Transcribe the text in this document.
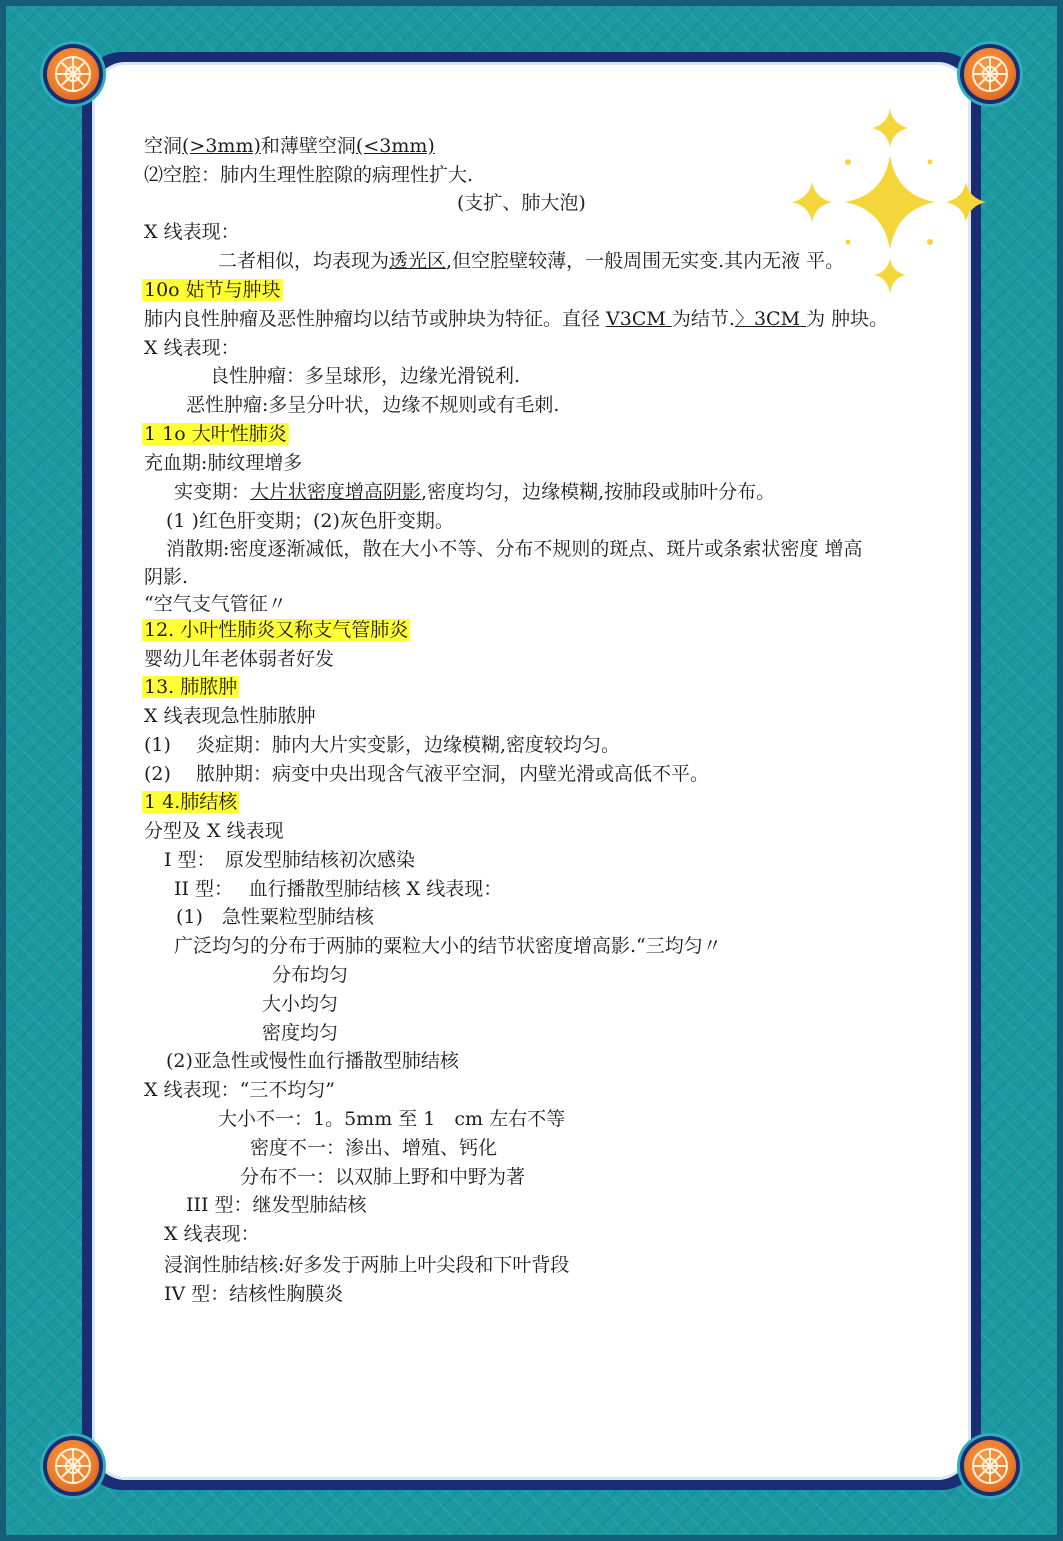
空洞(>3mm)和薄壁空洞(<3mm)
⑵空腔：肺内生理性腔隙的病理性扩大.
(支扩、肺大泡)
X 线表现：
二者相似，均表现为透光区,但空腔壁较薄，一般周围无实变.其内无液 平。
10o 姑节与肿块
肺内良性肿瘤及恶性肿瘤均以结节或肿块为特征。直径 V3CM 为结节.〉3CM 为 肿块。
X 线表现：
良性肿瘤：多呈球形，边缘光滑锐利.
恶性肿瘤:多呈分叶状，边缘不规则或有毛刺.
1 1o 大叶性肺炎
充血期:肺纹理增多
实变期：大片状密度增高阴影,密度均匀，边缘模糊,按肺段或肺叶分布。
(1 )红色肝变期；(2)灰色肝变期。
消散期:密度逐渐减低，散在大小不等、分布不规则的斑点、斑片或条索状密度 增高
阴影.
“空气支气管征〃
12. 小叶性肺炎又称支气管肺炎
婴幼儿年老体弱者好发
13. 肺脓肿
X 线表现急性肺脓肿
(1)　 炎症期：肺内大片实变影，边缘模糊,密度较均匀。
(2)　 脓肿期：病变中央出现含气液平空洞，内壁光滑或高低不平。
1 4.肺结核
分型及 X 线表现
I 型：　原发型肺结核初次感染
II 型：　 血行播散型肺结核 X 线表现：
(1)　急性粟粒型肺结核
广泛均匀的分布于两肺的粟粒大小的结节状密度增高影.“三均匀〃
分布均匀
大小均匀
密度均匀
(2)亚急性或慢性血行播散型肺结核
X 线表现：“三不均匀”
大小不一：1。5mm 至 1　cm 左右不等
密度不一：渗出、增殖、钙化
分布不一：以双肺上野和中野为著
III 型：继发型肺結核
X 线表现：
浸润性肺结核:好多发于两肺上叶尖段和下叶背段
IV 型：结核性胸膜炎
